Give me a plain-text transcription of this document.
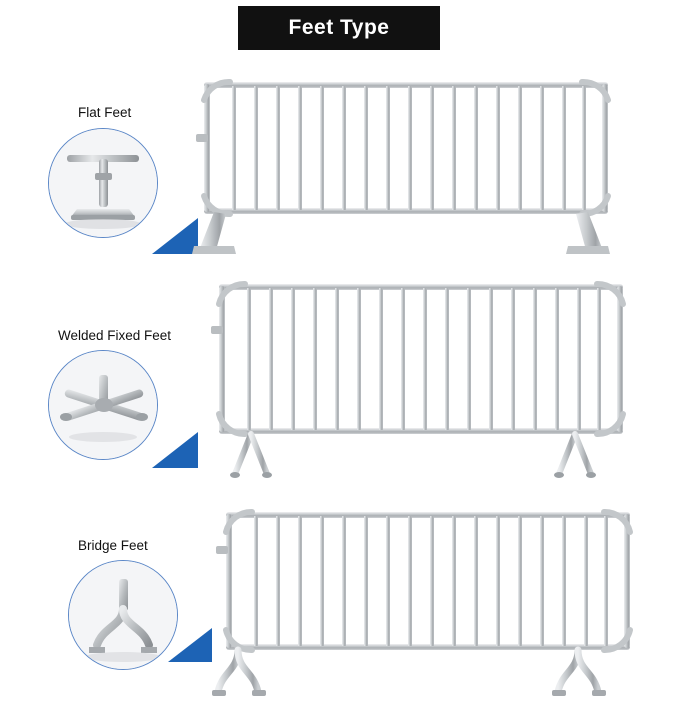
Feet Type
Flat Feet
Welded Fixed Feet
Bridge Feet
